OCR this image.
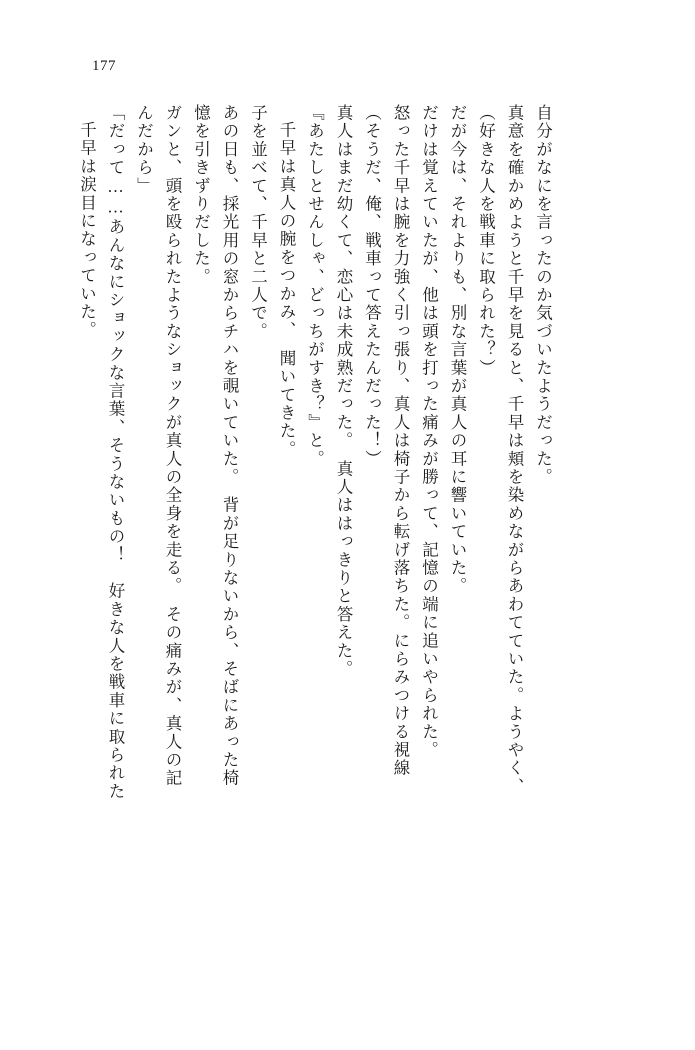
177
千早は涙目になっていた。 「だって……あんなにショックな言葉、そうないもの！　好きな人を戦車に取られた んだから」 ガンと、頭を殴られたようなショックが真人の全身を走る。　その痛みが、真人の記 憶を引きずりだした。 あの日も、採光用の窓からチハを覗いていた。　背が足りないから、そばにあった椅 子を並べて、千早と二人で。 千早は真人の腕をつかみ、　聞いてきた。 『あたしとせんしゃ、どっちがすき？』と。 真人はまだ幼くて、恋心は未成熟だった。　真人ははっきりと答えた。 （そうだ、俺、戦車って答えたんだった！） 怒った千早は腕を力強く引っ張り、真人は椅子から転げ落ちた。にらみつける視線 だけは覚えていたが、他は頭を打った痛みが勝って、記憶の端に追いやられた。 だが今は、それよりも、別な言葉が真人の耳に響いていた。 （好きな人を戦車に取られた？） 真意を確かめようと千早を見ると、千早は頬を染めながらあわてていた。ようやく、 自分がなにを言ったのか気づいたようだった。
